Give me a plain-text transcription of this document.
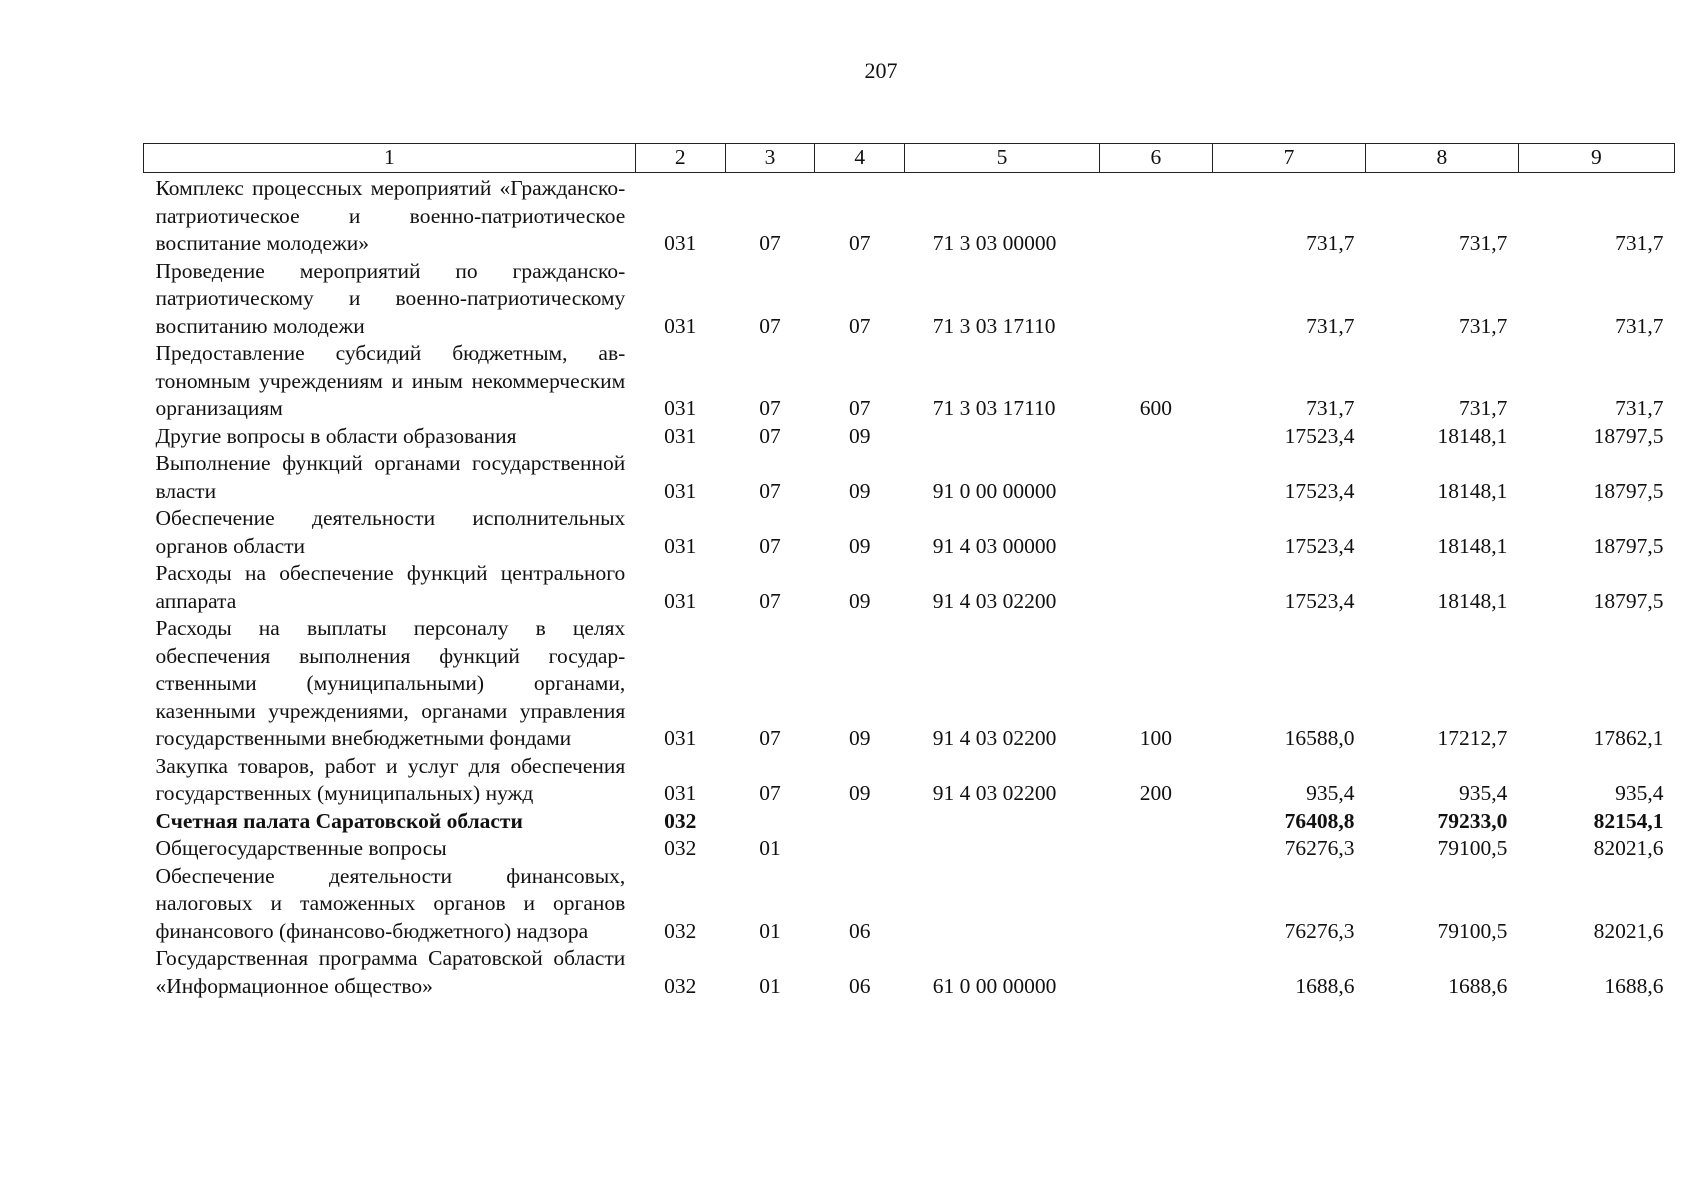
207
1	2	3	4	5	6	7	8	9
Комплекс процессных мероприятий «Гражданско-патриотическое и военно-патриотическое воспитание молодежи»	031	07	07	71 3 03 00000		731,7	731,7	731,7
Проведение мероприятий по гражданско-патриотическому и военно-патриотическому воспитанию молодежи	031	07	07	71 3 03 17110		731,7	731,7	731,7
Предоставление субсидий бюджетным, автономным учреждениям и иным некоммерческим организациям	031	07	07	71 3 03 17110	600	731,7	731,7	731,7
Другие вопросы в области образования	031	07	09			17523,4	18148,1	18797,5
Выполнение функций органами государственной власти	031	07	09	91 0 00 00000		17523,4	18148,1	18797,5
Обеспечение деятельности исполнительных органов области	031	07	09	91 4 03 00000		17523,4	18148,1	18797,5
Расходы на обеспечение функций центрального аппарата	031	07	09	91 4 03 02200		17523,4	18148,1	18797,5
Расходы на выплаты персоналу в целях обеспечения выполнения функций государственными (муниципальными) органами, казенными учреждениями, органами управления государственными внебюджетными фондами	031	07	09	91 4 03 02200	100	16588,0	17212,7	17862,1
Закупка товаров, работ и услуг для обеспечения государственных (муниципальных) нужд	031	07	09	91 4 03 02200	200	935,4	935,4	935,4
Счетная палата Саратовской области	032					76408,8	79233,0	82154,1
Общегосударственные вопросы	032	01				76276,3	79100,5	82021,6
Обеспечение деятельности финансовых, налоговых и таможенных органов и органов финансового (финансово-бюджетного) надзора	032	01	06			76276,3	79100,5	82021,6
Государственная программа Саратовской области «Информационное общество»	032	01	06	61 0 00 00000		1688,6	1688,6	1688,6
